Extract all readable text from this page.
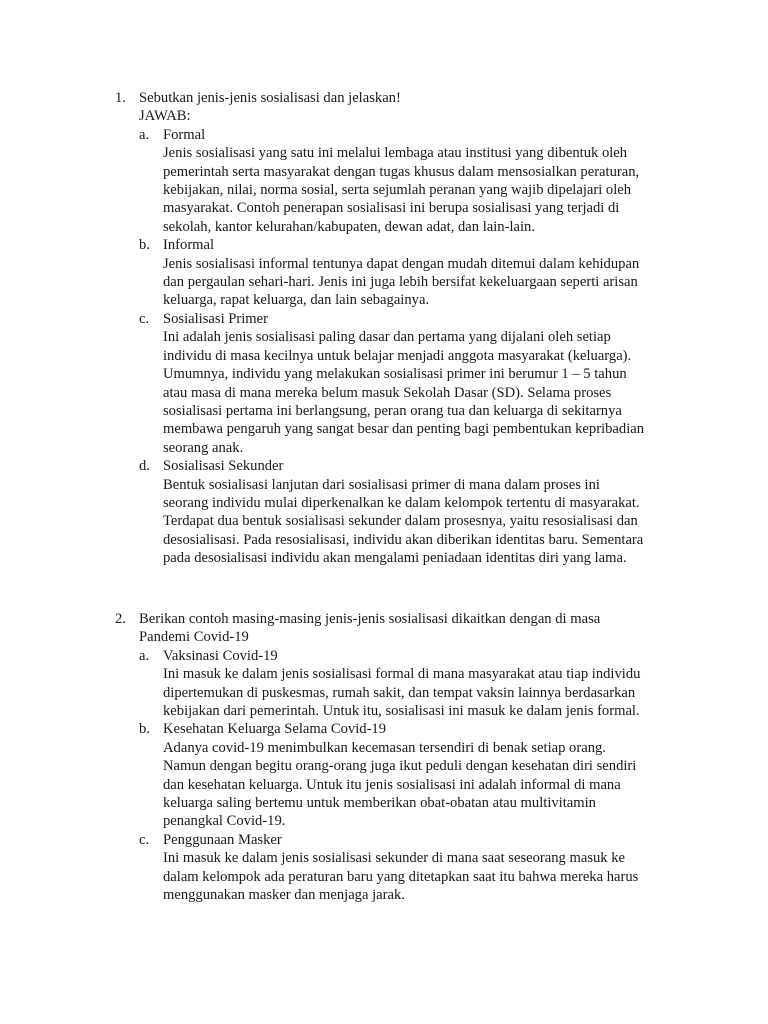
1. Sebutkan jenis-jenis sosialisasi dan jelaskan!
JAWAB:
a. Formal
Jenis sosialisasi yang satu ini melalui lembaga atau institusi yang dibentuk oleh
pemerintah serta masyarakat dengan tugas khusus dalam mensosialkan peraturan,
kebijakan, nilai, norma sosial, serta sejumlah peranan yang wajib dipelajari oleh
masyarakat. Contoh penerapan sosialisasi ini berupa sosialisasi yang terjadi di
sekolah, kantor kelurahan/kabupaten, dewan adat, dan lain-lain.
b. Informal
Jenis sosialisasi informal tentunya dapat dengan mudah ditemui dalam kehidupan
dan pergaulan sehari-hari. Jenis ini juga lebih bersifat kekeluargaan seperti arisan
keluarga, rapat keluarga, dan lain sebagainya.
c. Sosialisasi Primer
Ini adalah jenis sosialisasi paling dasar dan pertama yang dijalani oleh setiap
individu di masa kecilnya untuk belajar menjadi anggota masyarakat (keluarga).
Umumnya, individu yang melakukan sosialisasi primer ini berumur 1 – 5 tahun
atau masa di mana mereka belum masuk Sekolah Dasar (SD). Selama proses
sosialisasi pertama ini berlangsung, peran orang tua dan keluarga di sekitarnya
membawa pengaruh yang sangat besar dan penting bagi pembentukan kepribadian
seorang anak.
d. Sosialisasi Sekunder
Bentuk sosialisasi lanjutan dari sosialisasi primer di mana dalam proses ini
seorang individu mulai diperkenalkan ke dalam kelompok tertentu di masyarakat.
Terdapat dua bentuk sosialisasi sekunder dalam prosesnya, yaitu resosialisasi dan
desosialisasi. Pada resosialisasi, individu akan diberikan identitas baru. Sementara
pada desosialisasi individu akan mengalami peniadaan identitas diri yang lama.
2. Berikan contoh masing-masing jenis-jenis sosialisasi dikaitkan dengan di masa
Pandemi Covid-19
a. Vaksinasi Covid-19
Ini masuk ke dalam jenis sosialisasi formal di mana masyarakat atau tiap individu
dipertemukan di puskesmas, rumah sakit, dan tempat vaksin lainnya berdasarkan
kebijakan dari pemerintah. Untuk itu, sosialisasi ini masuk ke dalam jenis formal.
b. Kesehatan Keluarga Selama Covid-19
Adanya covid-19 menimbulkan kecemasan tersendiri di benak setiap orang.
Namun dengan begitu orang-orang juga ikut peduli dengan kesehatan diri sendiri
dan kesehatan keluarga. Untuk itu jenis sosialisasi ini adalah informal di mana
keluarga saling bertemu untuk memberikan obat-obatan atau multivitamin
penangkal Covid-19.
c. Penggunaan Masker
Ini masuk ke dalam jenis sosialisasi sekunder di mana saat seseorang masuk ke
dalam kelompok ada peraturan baru yang ditetapkan saat itu bahwa mereka harus
menggunakan masker dan menjaga jarak.
